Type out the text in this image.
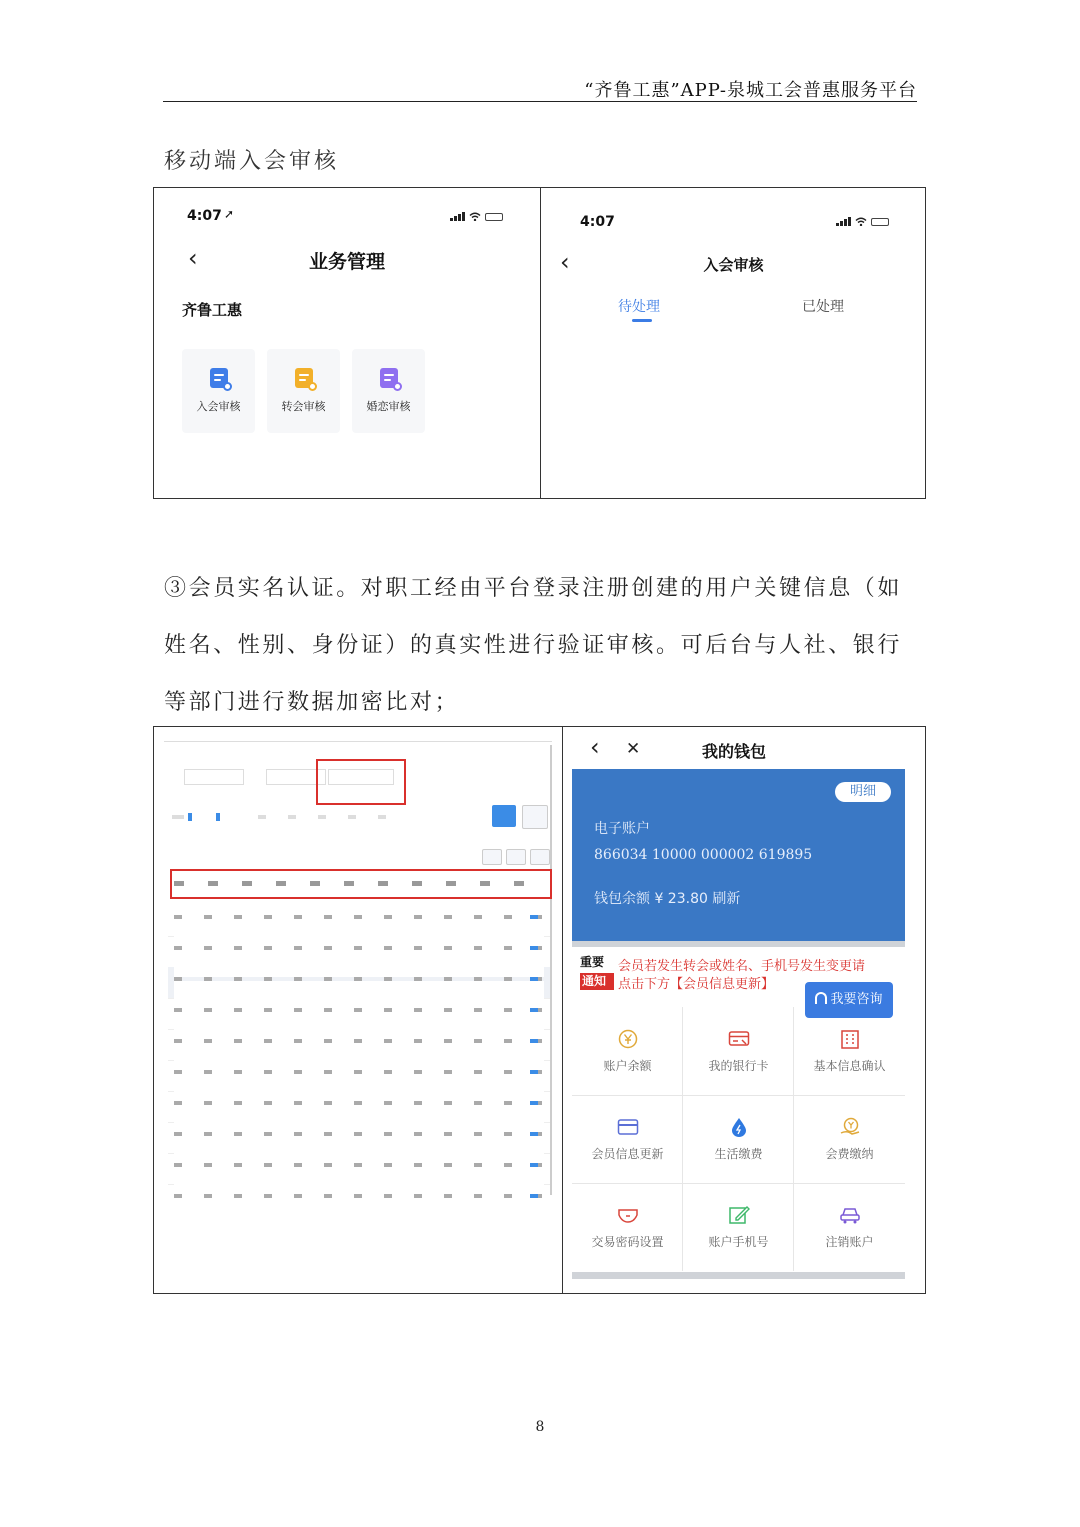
“齐鲁工惠”APP-泉城工会普惠服务平台
移动端入会审核
4:07 ➚
‹	业务管理
齐鲁工惠
入会审核	转会审核	婚恋审核
4:07
‹	入会审核
待处理	已处理
③会员实名认证。对职工经由平台登录注册创建的用户关键信息（如
姓名、性别、身份证）的真实性进行验证审核。可后台与人社、银行
等部门进行数据加密比对；
‹ ✕	我的钱包
明细
电子账户
866034 10000 000002 619895
钱包余额 ¥ 23.80 刷新
重要
通知
会员若发生转会或姓名、手机号发生变更请
点击下方【会员信息更新】
账户余额	我的银行卡	基本信息确认
会员信息更新	生活缴费	会费缴纳
交易密码设置	账户手机号	注销账户
我要咨询
8
